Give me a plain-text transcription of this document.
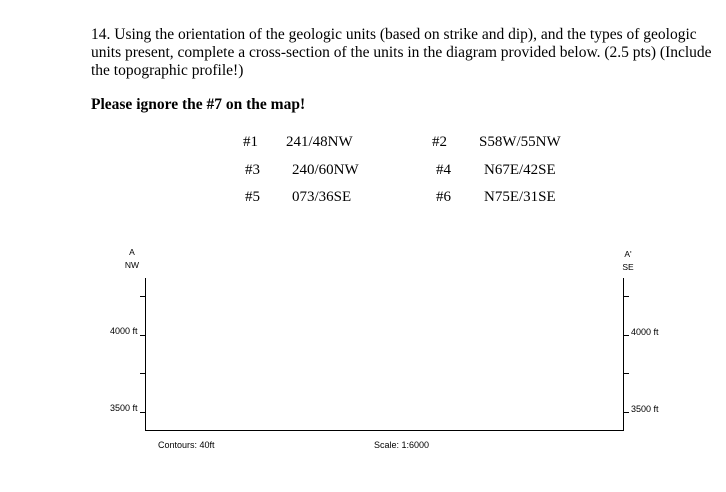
14. Using the orientation of the geologic units (based on strike and dip), and the types of geologic units present, complete a cross-section of the units in the diagram provided below. (2.5 pts) (Include the topographic profile!)
Please ignore the #7 on the map!
#1 241/48NW	#2 S58W/55NW
#3 240/60NW	#4 N67E/42SE
#5 073/36SE	#6 N75E/31SE
A
NW
A'
SE
4000 ft
3500 ft
4000 ft
3500 ft
Contours: 40ft	Scale: 1:6000
